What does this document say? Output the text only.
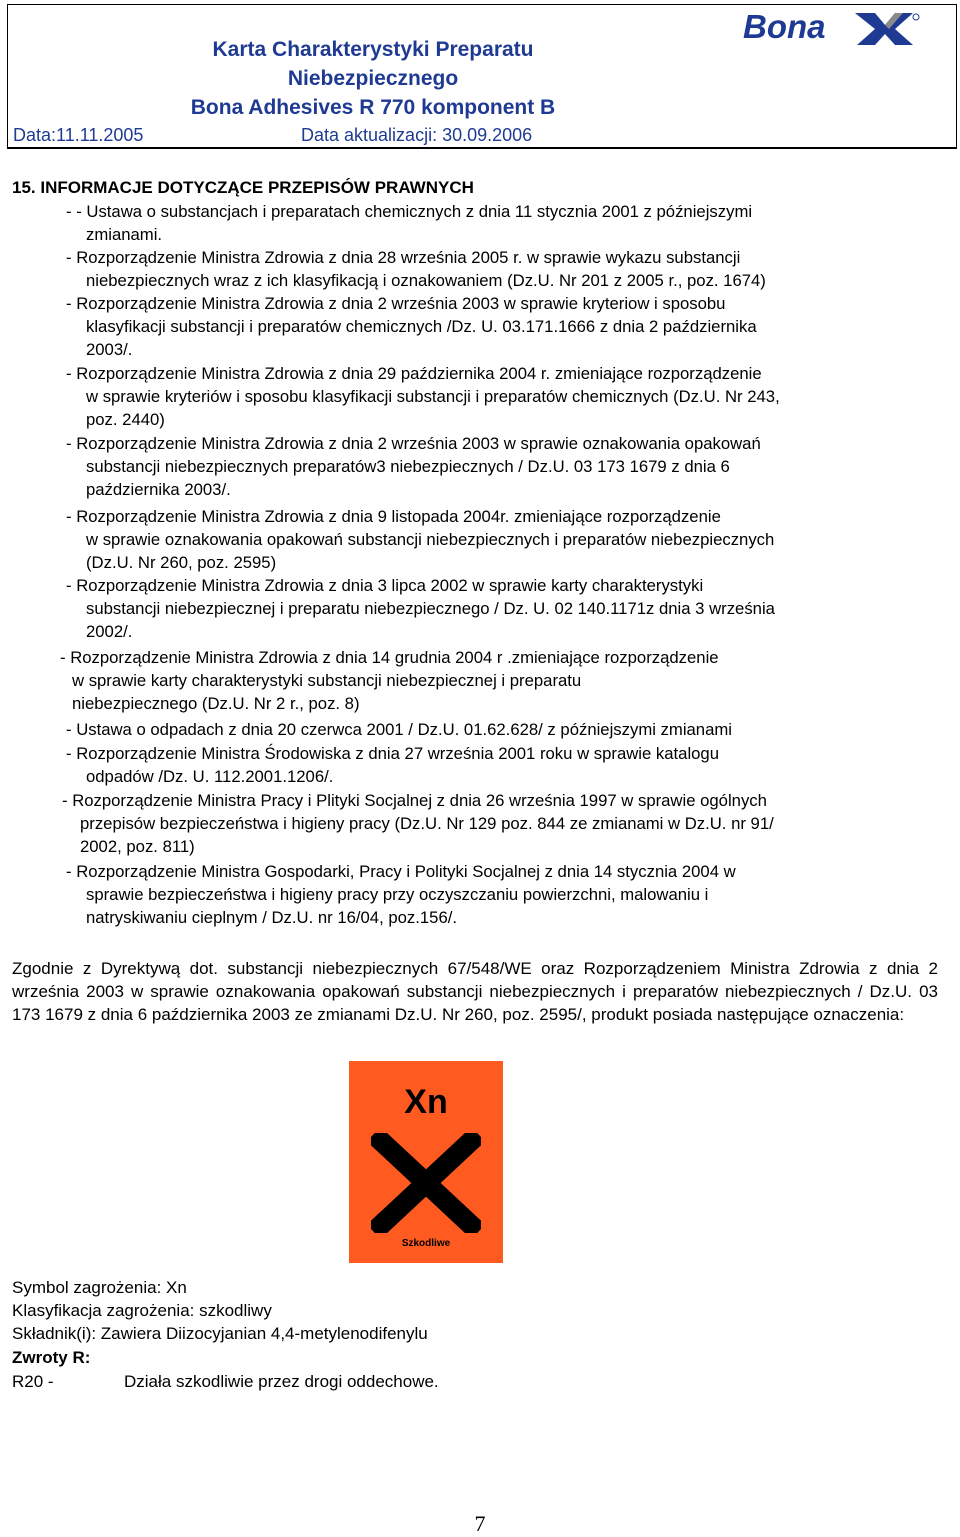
Karta Charakterystyki Preparatu
Niebezpiecznego
Bona Adhesives R 770 komponent B
Data:11.11.2005	Data aktualizacji: 30.09.2006
Bona
15. INFORMACJE DOTYCZĄCE PRZEPISÓW PRAWNYCH
- - Ustawa o substancjach i preparatach chemicznych z dnia 11 stycznia 2001 z późniejszymi
zmianami.
- Rozporządzenie Ministra Zdrowia z dnia 28 września 2005 r. w sprawie wykazu substancji
niebezpiecznych wraz z ich klasyfikacją i oznakowaniem (Dz.U. Nr 201 z 2005 r., poz. 1674)
- Rozporządzenie Ministra Zdrowia z dnia 2 września 2003 w sprawie kryteriow i sposobu
klasyfikacji substancji i preparatów chemicznych /Dz. U. 03.171.1666 z dnia 2 października
2003/.
- Rozporządzenie Ministra Zdrowia z dnia 29 października 2004 r. zmieniające rozporządzenie
w sprawie kryteriów i sposobu klasyfikacji substancji i preparatów chemicznych (Dz.U. Nr 243,
poz. 2440)
- Rozporządzenie Ministra Zdrowia z dnia 2 września 2003 w sprawie oznakowania opakowań
substancji niebezpiecznych preparatów3 niebezpiecznych / Dz.U. 03 173 1679 z dnia 6
października 2003/.
- Rozporządzenie Ministra Zdrowia z dnia 9 listopada 2004r. zmieniające rozporządzenie
w sprawie oznakowania opakowań substancji niebezpiecznych i preparatów niebezpiecznych
(Dz.U. Nr 260, poz. 2595)
- Rozporządzenie Ministra Zdrowia z dnia 3 lipca 2002 w sprawie karty charakterystyki
substancji niebezpiecznej i preparatu niebezpiecznego / Dz. U. 02 140.1171z dnia 3 września
2002/.
- Rozporządzenie Ministra Zdrowia z dnia 14 grudnia 2004 r .zmieniające rozporządzenie
w sprawie karty charakterystyki substancji niebezpiecznej i preparatu
niebezpiecznego (Dz.U. Nr 2 r., poz. 8)
- Ustawa o odpadach z dnia 20 czerwca 2001 / Dz.U. 01.62.628/ z późniejszymi zmianami
- Rozporządzenie Ministra Środowiska z dnia 27 września 2001 roku w sprawie katalogu
odpadów /Dz. U. 112.2001.1206/.
- Rozporządzenie Ministra Pracy i Plityki Socjalnej z dnia 26 września 1997 w sprawie ogólnych
przepisów bezpieczeństwa i higieny pracy (Dz.U. Nr 129 poz. 844 ze zmianami w Dz.U. nr 91/
2002, poz. 811)
- Rozporządzenie Ministra Gospodarki, Pracy i Polityki Socjalnej z dnia 14 stycznia 2004 w
sprawie bezpieczeństwa i higieny pracy przy oczyszczaniu powierzchni, malowaniu i
natryskiwaniu cieplnym / Dz.U. nr 16/04, poz.156/.
Zgodnie z Dyrektywą dot. substancji niebezpiecznych 67/548/WE oraz Rozporządzeniem Ministra Zdrowia z dnia 2 września 2003 w sprawie oznakowania opakowań substancji niebezpiecznych i preparatów niebezpiecznych / Dz.U. 03 173 1679 z dnia 6 października 2003 ze zmianami Dz.U. Nr 260, poz. 2595/, produkt posiada następujące oznaczenia:
Xn
Szkodliwe
Symbol zagrożenia: Xn
Klasyfikacja zagrożenia: szkodliwy
Składnik(i): Zawiera Diizocyjanian 4,4-metylenodifenylu
Zwroty R:
R20 -	Działa szkodliwie przez drogi oddechowe.
7
